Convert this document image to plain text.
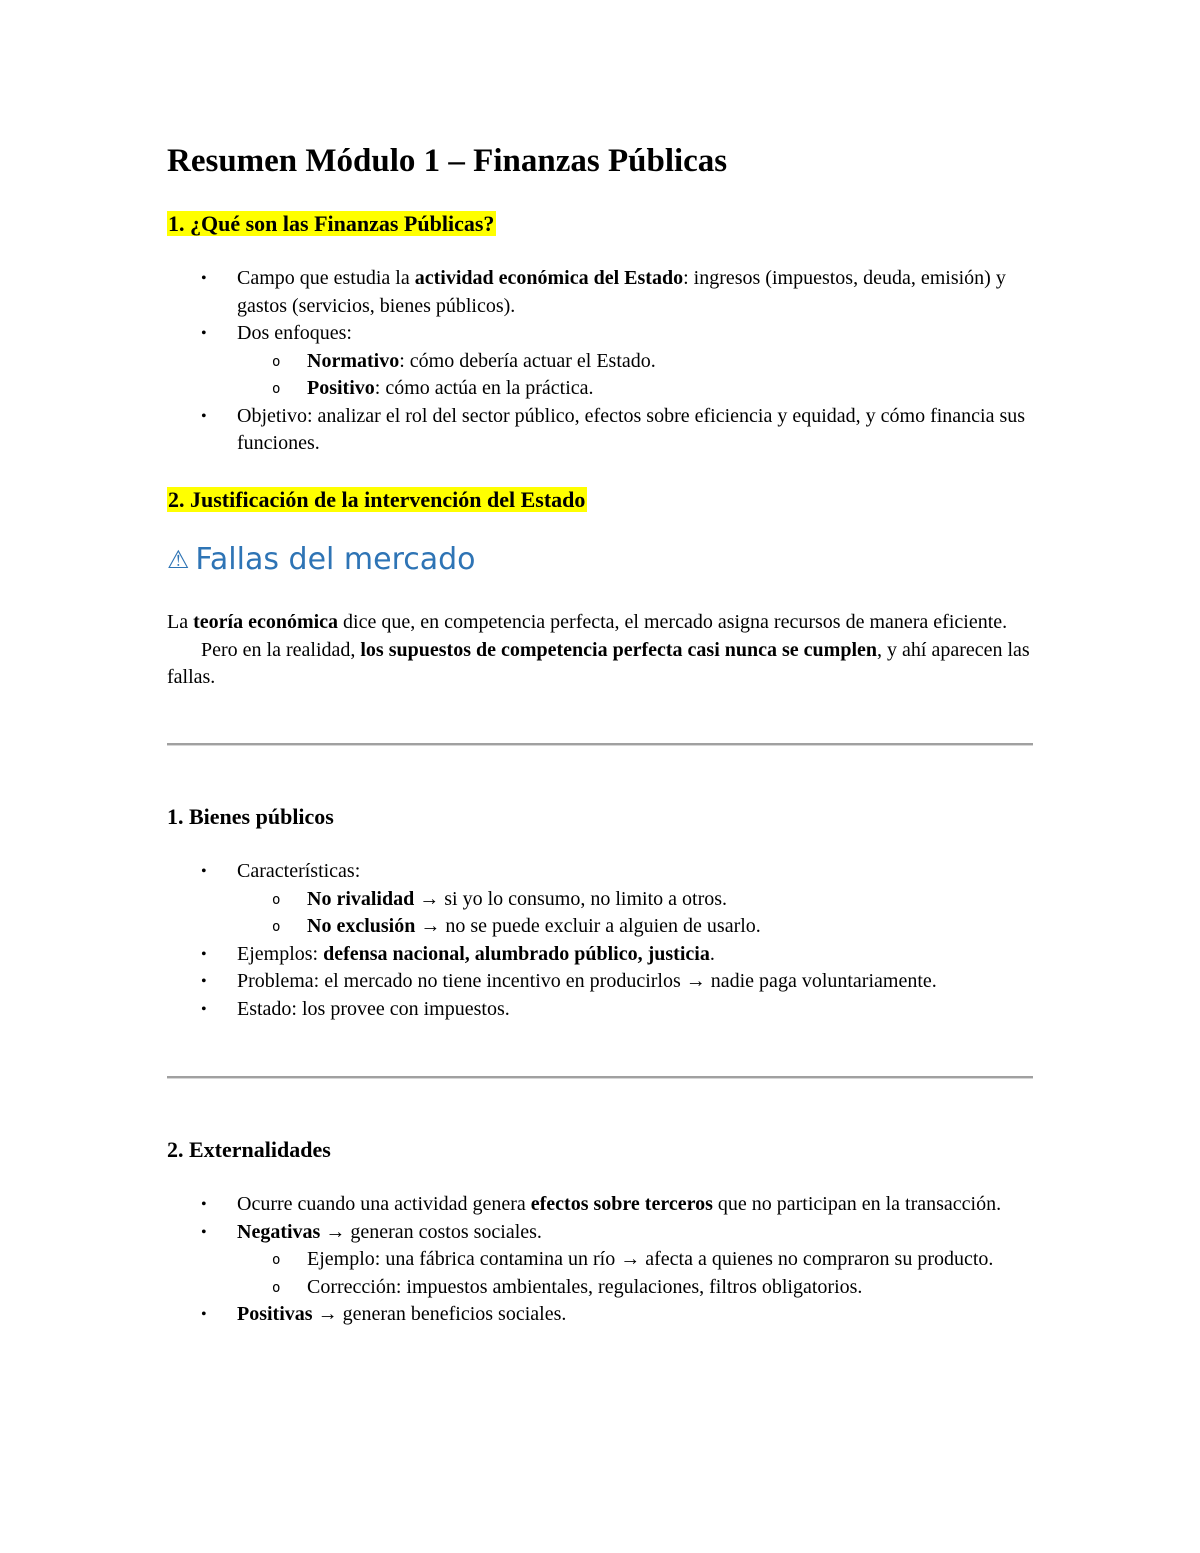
Resumen Módulo 1 – Finanzas Públicas
1. ¿Qué son las Finanzas Públicas?
• Campo que estudia la actividad económica del Estado: ingresos (impuestos, deuda, emisión) y gastos (servicios, bienes públicos).
• Dos enfoques:
o Normativo: cómo debería actuar el Estado.
o Positivo: cómo actúa en la práctica.
• Objetivo: analizar el rol del sector público, efectos sobre eficiencia y equidad, y cómo financia sus funciones.
2. Justificación de la intervención del Estado
⚠ Fallas del mercado

La teoría económica dice que, en competencia perfecta, el mercado asigna recursos de manera eficiente.
Pero en la realidad, los supuestos de competencia perfecta casi nunca se cumplen, y ahí aparecen las fallas.

1. Bienes públicos
• Características:
o No rivalidad → si yo lo consumo, no limito a otros.
o No exclusión → no se puede excluir a alguien de usarlo.
• Ejemplos: defensa nacional, alumbrado público, justicia.
• Problema: el mercado no tiene incentivo en producirlos → nadie paga voluntariamente.
• Estado: los provee con impuestos.
2. Externalidades
• Ocurre cuando una actividad genera efectos sobre terceros que no participan en la transacción.
• Negativas → generan costos sociales.
o Ejemplo: una fábrica contamina un río → afecta a quienes no compraron su producto.
o Corrección: impuestos ambientales, regulaciones, filtros obligatorios.
• Positivas → generan beneficios sociales.
